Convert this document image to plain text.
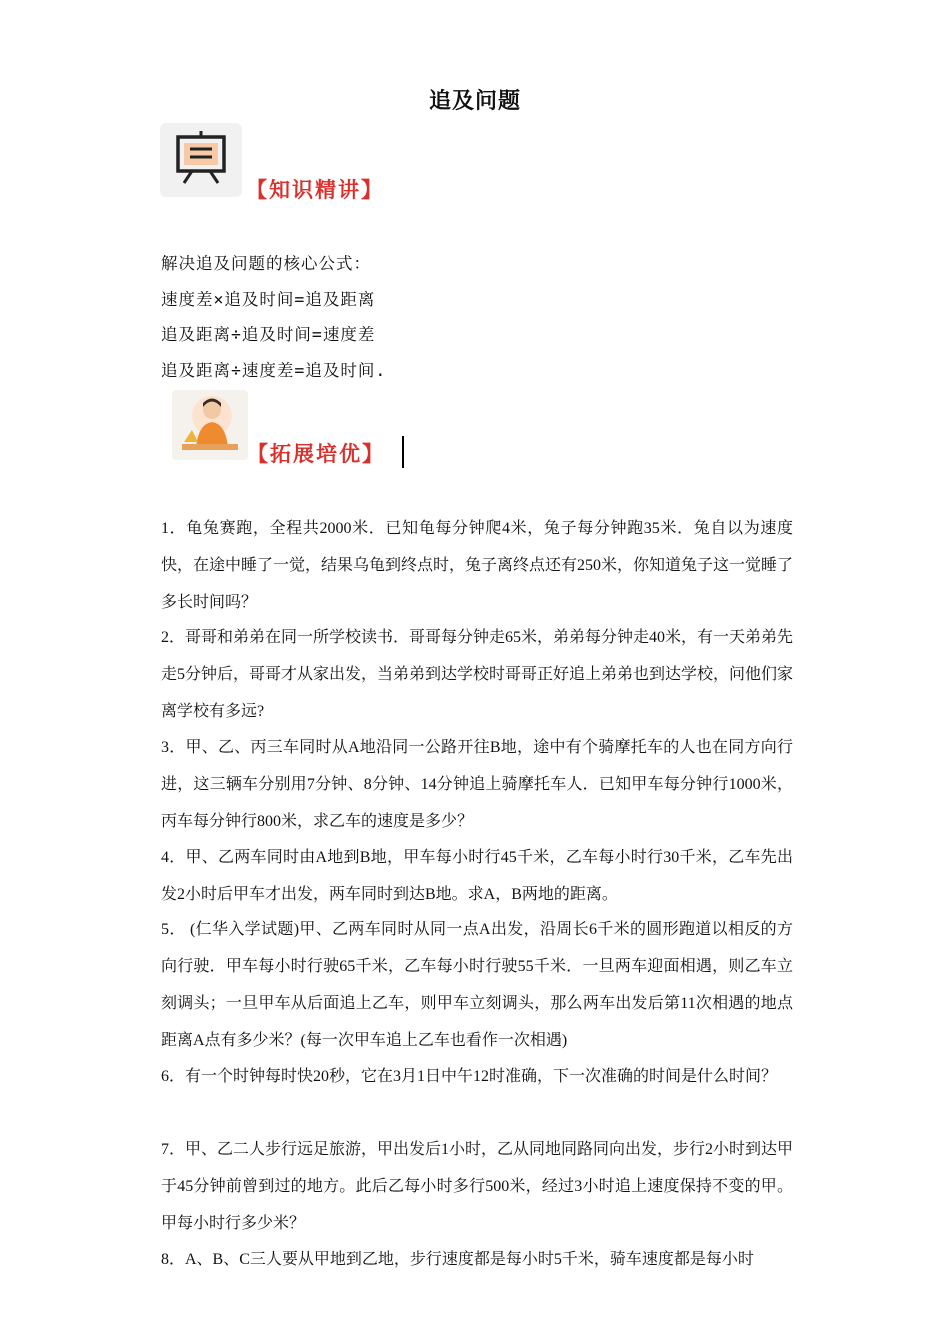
追及问题
【知识精讲】
解决追及问题的核心公式：
速度差×追及时间=追及距离
追及距离÷追及时间=速度差
追及距离÷速度差=追及时间.
【拓展培优】
1．龟兔赛跑，全程共2000米．已知龟每分钟爬4米，兔子每分钟跑35米．兔自以为速度快，在途中睡了一觉，结果乌龟到终点时，兔子离终点还有250米，你知道兔子这一觉睡了多长时间吗？
2．哥哥和弟弟在同一所学校读书．哥哥每分钟走65米，弟弟每分钟走40米，有一天弟弟先走5分钟后，哥哥才从家出发，当弟弟到达学校时哥哥正好追上弟弟也到达学校，问他们家离学校有多远?
3．甲、乙、丙三车同时从A地沿同一公路开往B地，途中有个骑摩托车的人也在同方向行进，这三辆车分别用7分钟、8分钟、14分钟追上骑摩托车人．已知甲车每分钟行1000米，丙车每分钟行800米，求乙车的速度是多少？
4．甲、乙两车同时由A地到B地，甲车每小时行45千米，乙车每小时行30千米，乙车先出发2小时后甲车才出发，两车同时到达B地。求A，B两地的距离。
5． (仁华入学试题)甲、乙两车同时从同一点A出发，沿周长6千米的圆形跑道以相反的方向行驶．甲车每小时行驶65千米，乙车每小时行驶55千米．一旦两车迎面相遇，则乙车立刻调头；一旦甲车从后面追上乙车，则甲车立刻调头，那么两车出发后第11次相遇的地点距离A点有多少米？(每一次甲车追上乙车也看作一次相遇)
6．有一个时钟每时快20秒，它在3月1日中午12时准确，下一次准确的时间是什么时间？
7．甲、乙二人步行远足旅游，甲出发后1小时，乙从同地同路同向出发，步行2小时到达甲于45分钟前曾到过的地方。此后乙每小时多行500米，经过3小时追上速度保持不变的甲。甲每小时行多少米？
8．A、B、C三人要从甲地到乙地，步行速度都是每小时5千米，骑车速度都是每小时
